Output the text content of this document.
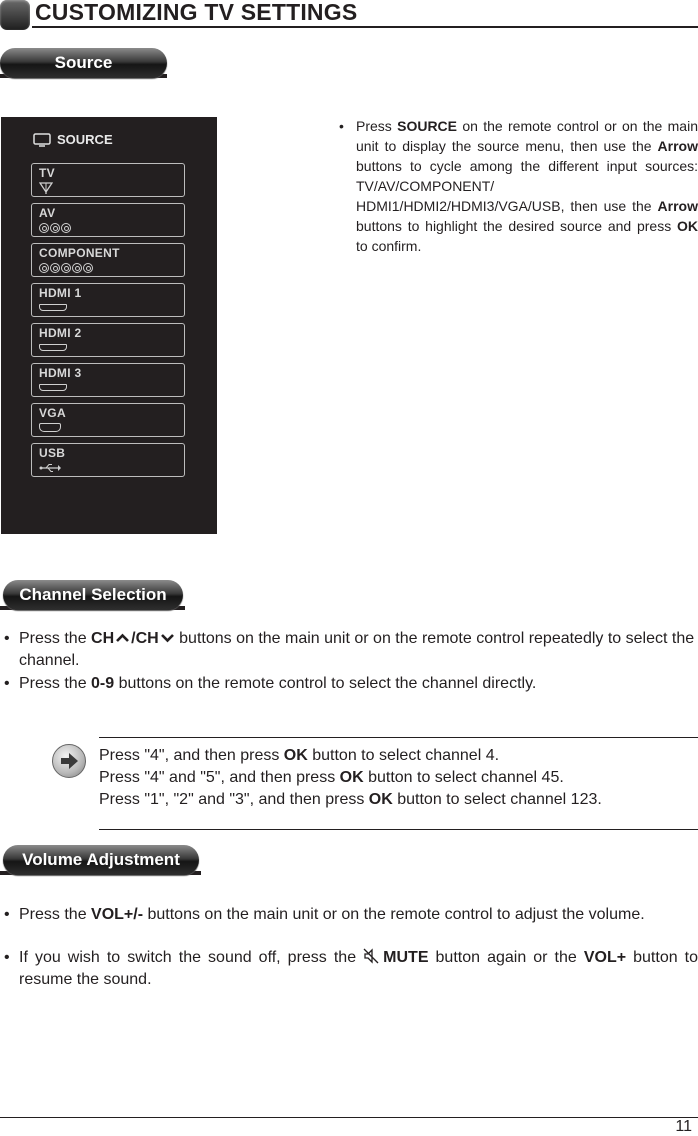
CUSTOMIZING TV SETTINGS
Source
SOURCE
TV
AV
COMPONENT
HDMI 1
HDMI 2
HDMI 3
VGA
USB
• Press SOURCE on the remote control or on the main unit to display the source menu, then use the Arrow buttons to cycle among the different input sources: TV/AV/COMPONENT/ HDMI1/HDMI2/HDMI3/VGA/USB, then use the Arrow buttons to highlight the desired source and press OK to confirm.
Channel Selection
• Press the CH /CH buttons on the main unit or on the remote control repeatedly to select the channel.
• Press the 0-9 buttons on the remote control to select the channel directly.
Press "4", and then press OK button to select channel 4.
Press "4" and "5", and then press OK button to select channel 45.
Press "1", "2" and "3", and then press OK button to select channel 123.
Volume Adjustment
• Press the VOL+/- buttons on the main unit or on the remote control to adjust the volume.
• If you wish to switch the sound off, press the MUTE button again or the VOL+ button to resume the sound.
11
